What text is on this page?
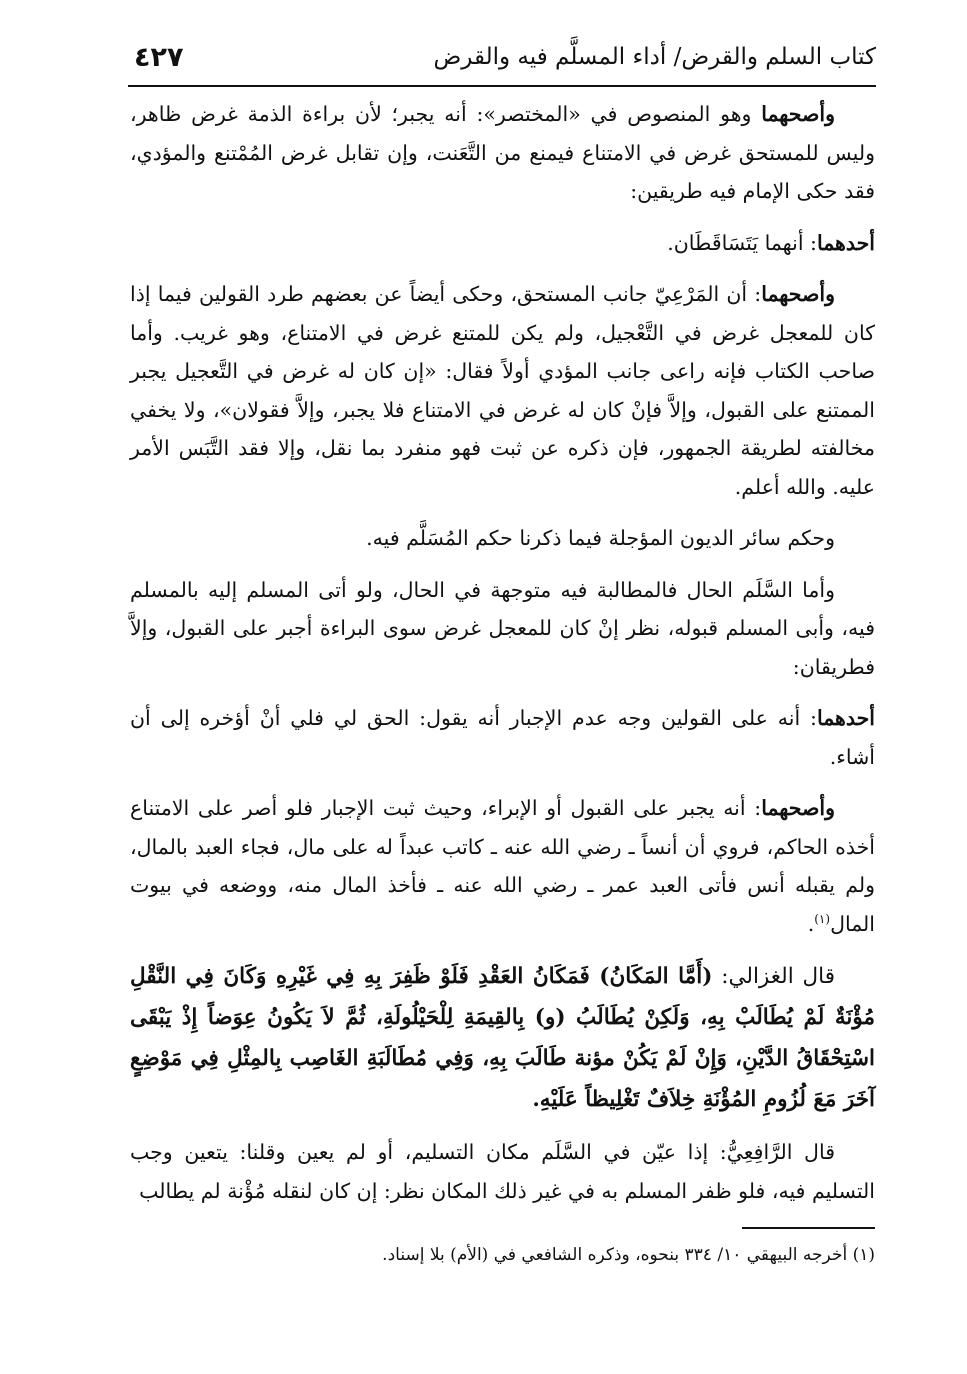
٤٢٧	كتاب السلم والقرض/ أداء المسلَّم فيه والقرض

وأصحهما وهو المنصوص في «المختصر»: أنه يجبر؛ لأن براءة الذمة غرض ظاهر، وليس للمستحق غرض في الامتناع فيمنع من التَّعَنت، وإن تقابل غرض المُمْتنع والمؤدي، فقد حكى الإمام فيه طريقين:

أحدهما: أنهما يَتَسَاقَطَان.

وأصحهما: أن المَرْعِيّ جانب المستحق، وحكى أيضاً عن بعضهم طرد القولين فيما إذا كان للمعجل غرض في التَّعْجيل، ولم يكن للمتنع غرض في الامتناع، وهو غريب. وأما صاحب الكتاب فإنه راعى جانب المؤدي أولاً فقال: «إن كان له غرض في التَّعجيل يجبر الممتنع على القبول، وإلاَّ فإنْ كان له غرض في الامتناع فلا يجبر، وإلاَّ فقولان»، ولا يخفي مخالفته لطريقة الجمهور، فإن ذكره عن ثبت فهو منفرد بما نقل، وإلا فقد التَّبَس الأمر عليه. والله أعلم.

وحكم سائر الديون المؤجلة فيما ذكرنا حكم المُسَلَّم فيه.

وأما السَّلَم الحال فالمطالبة فيه متوجهة في الحال، ولو أتى المسلم إليه بالمسلم فيه، وأبى المسلم قبوله، نظر إنْ كان للمعجل غرض سوى البراءة أجبر على القبول، وإلاَّ فطريقان:

أحدهما: أنه على القولين وجه عدم الإجبار أنه يقول: الحق لي فلي أنْ أؤخره إلى أن أشاء.

وأصحهما: أنه يجبر على القبول أو الإبراء، وحيث ثبت الإجبار فلو أصر على الامتناع أخذه الحاكم، فروي أن أنساً ـ رضي الله عنه ـ كاتب عبداً له على مال، فجاء العبد بالمال، ولم يقبله أنس فأتى العبد عمر ـ رضي الله عنه ـ فأخذ المال منه، ووضعه في بيوت المال$^{(١)}$.

قال الغزالي: (أَمَّا المَكَانُ) فَمَكَانُ العَقْدِ فَلَوْ ظَفِرَ بِهِ فِي غَيْرِهِ وَكَانَ فِي النَّقْلِ مُؤْنَةٌ لَمْ يُطَالَبْ بِهِ، وَلَكِنْ يُطَالَبُ (و) بِالقِيمَةِ لِلْحَيْلُولَةِ، ثُمَّ لاَ يَكُونُ عِوَضاً إِذْ يَبْقَى اسْتِحْقَاقُ الدَّيْنِ، وَإِنْ لَمْ يَكُنْ مؤنة طَالَبَ بِهِ، وَفِي مُطَالَبَةِ الغَاصِب بِالمِثْلِ فِي مَوْضِعٍ آخَرَ مَعَ لُزُومِ المُؤْنَةِ خِلاَفٌ تَغْلِيظاً عَلَيْهِ.

قال الرَّافِعِيُّ: إذا عيّن في السَّلَم مكان التسليم، أو لم يعين وقلنا: يتعين وجب التسليم فيه، فلو ظفر المسلم به في غير ذلك المكان نظر: إن كان لنقله مُؤْنة لم يطالب

(١) أخرجه البيهقي ١٠/ ٣٣٤ بنحوه، وذكره الشافعي في (الأم) بلا إسناد.
